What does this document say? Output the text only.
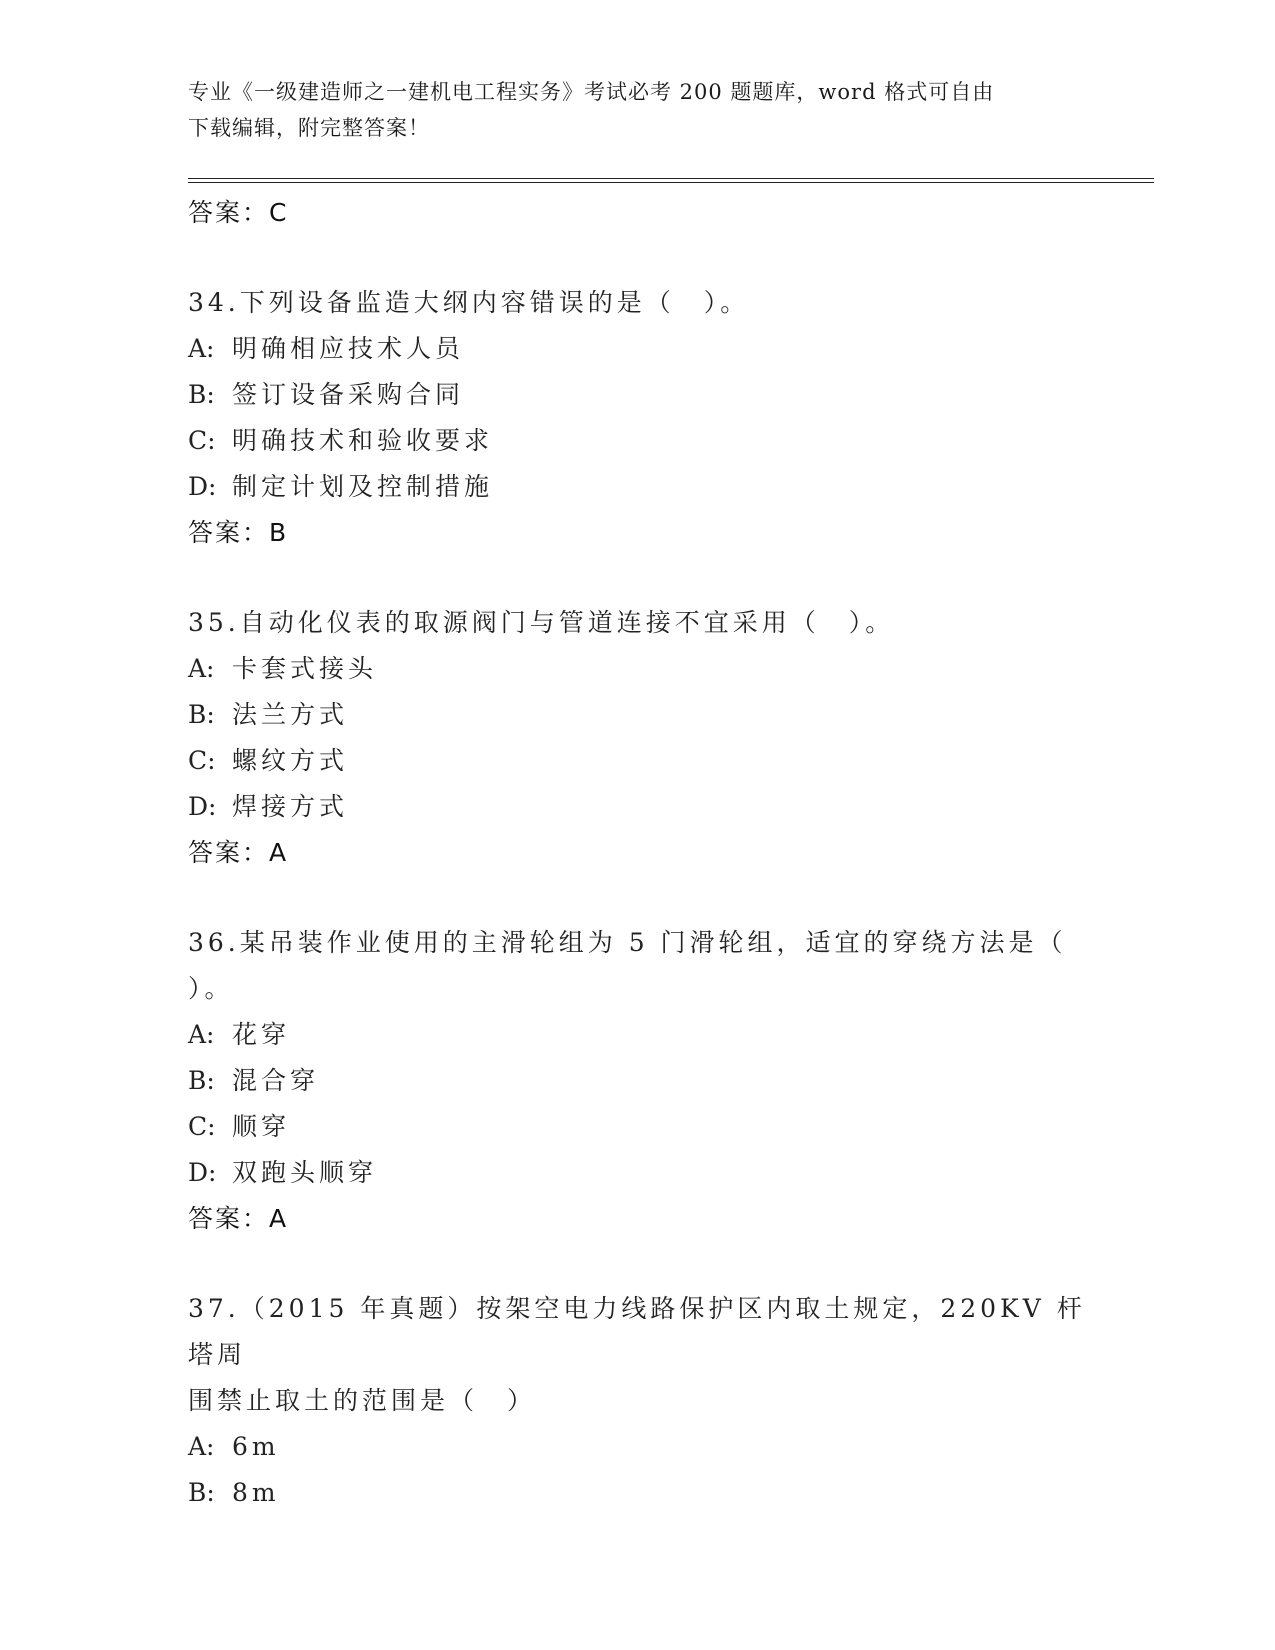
专业《一级建造师之一建机电工程实务》考试必考 200 题题库，word 格式可自由
下载编辑，附完整答案！
答案：C
34.下列设备监造大纲内容错误的是（　）。
A: 明确相应技术人员
B: 签订设备采购合同
C: 明确技术和验收要求
D: 制定计划及控制措施
答案：B
35.自动化仪表的取源阀门与管道连接不宜采用（　）。
A: 卡套式接头
B: 法兰方式
C: 螺纹方式
D: 焊接方式
答案：A
36.某吊装作业使用的主滑轮组为 5 门滑轮组，适宜的穿绕方法是（
）。
A: 花穿
B: 混合穿
C: 顺穿
D: 双跑头顺穿
答案：A
37.（2015 年真题）按架空电力线路保护区内取土规定，220KV 杆塔周
围禁止取土的范围是（　）
A: 6m
B: 8m
